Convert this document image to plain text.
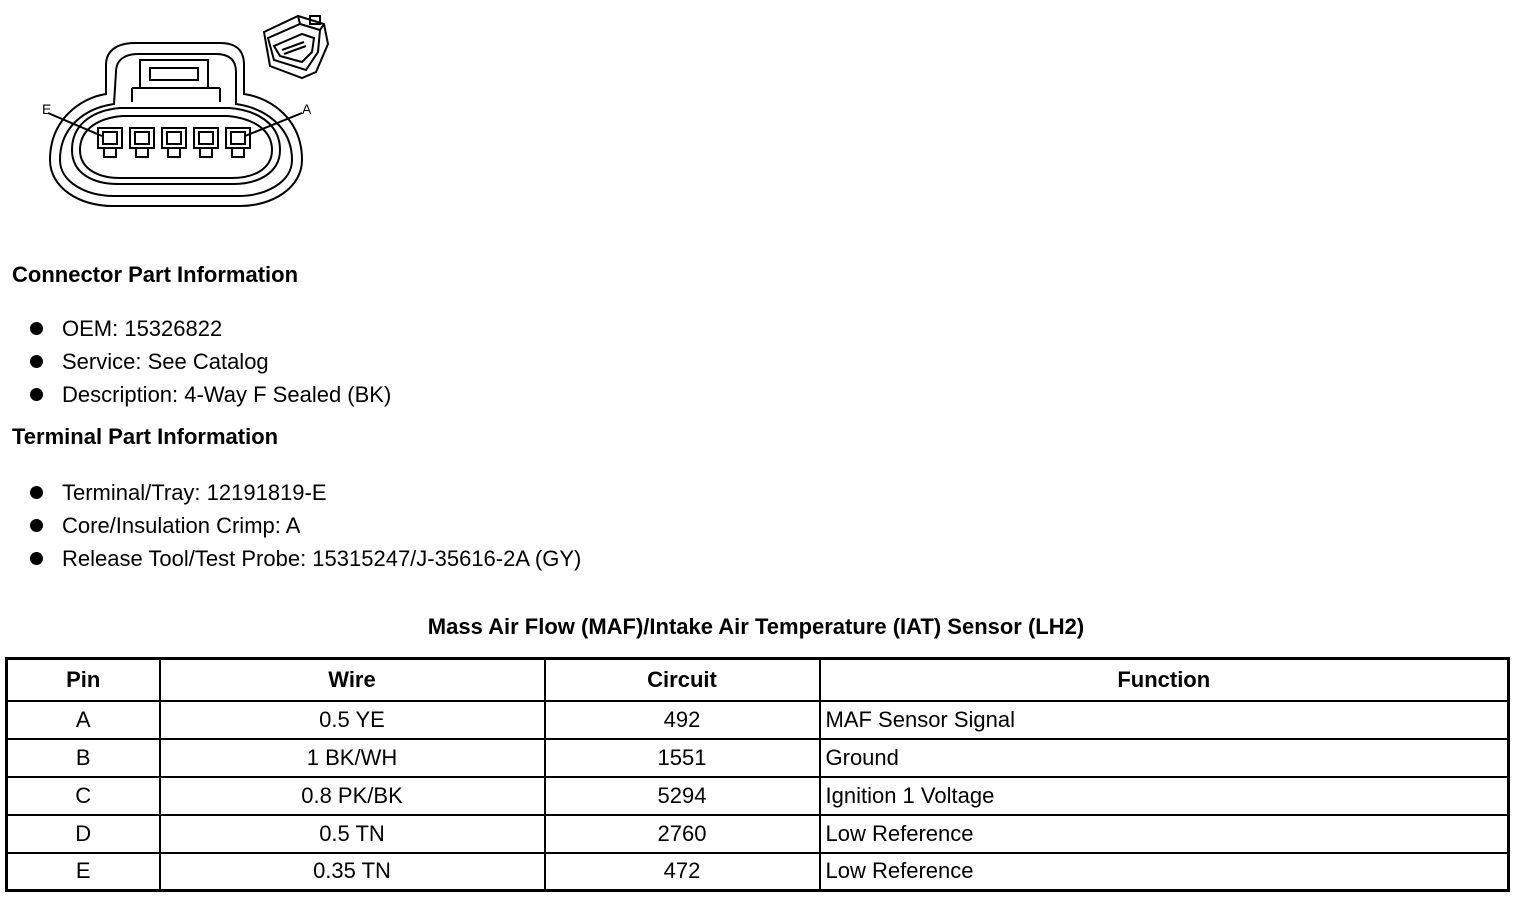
E	A
Connector Part Information
OEM: 15326822
Service: See Catalog
Description: 4-Way F Sealed (BK)
Terminal Part Information
Terminal/Tray: 12191819-E
Core/Insulation Crimp: A
Release Tool/Test Probe: 15315247/J-35616-2A (GY)
Mass Air Flow (MAF)/Intake Air Temperature (IAT) Sensor (LH2)
Pin	Wire	Circuit	Function
A	0.5 YE	492	MAF Sensor Signal
B	1 BK/WH	1551	Ground
C	0.8 PK/BK	5294	Ignition 1 Voltage
D	0.5 TN	2760	Low Reference
E	0.35 TN	472	Low Reference
